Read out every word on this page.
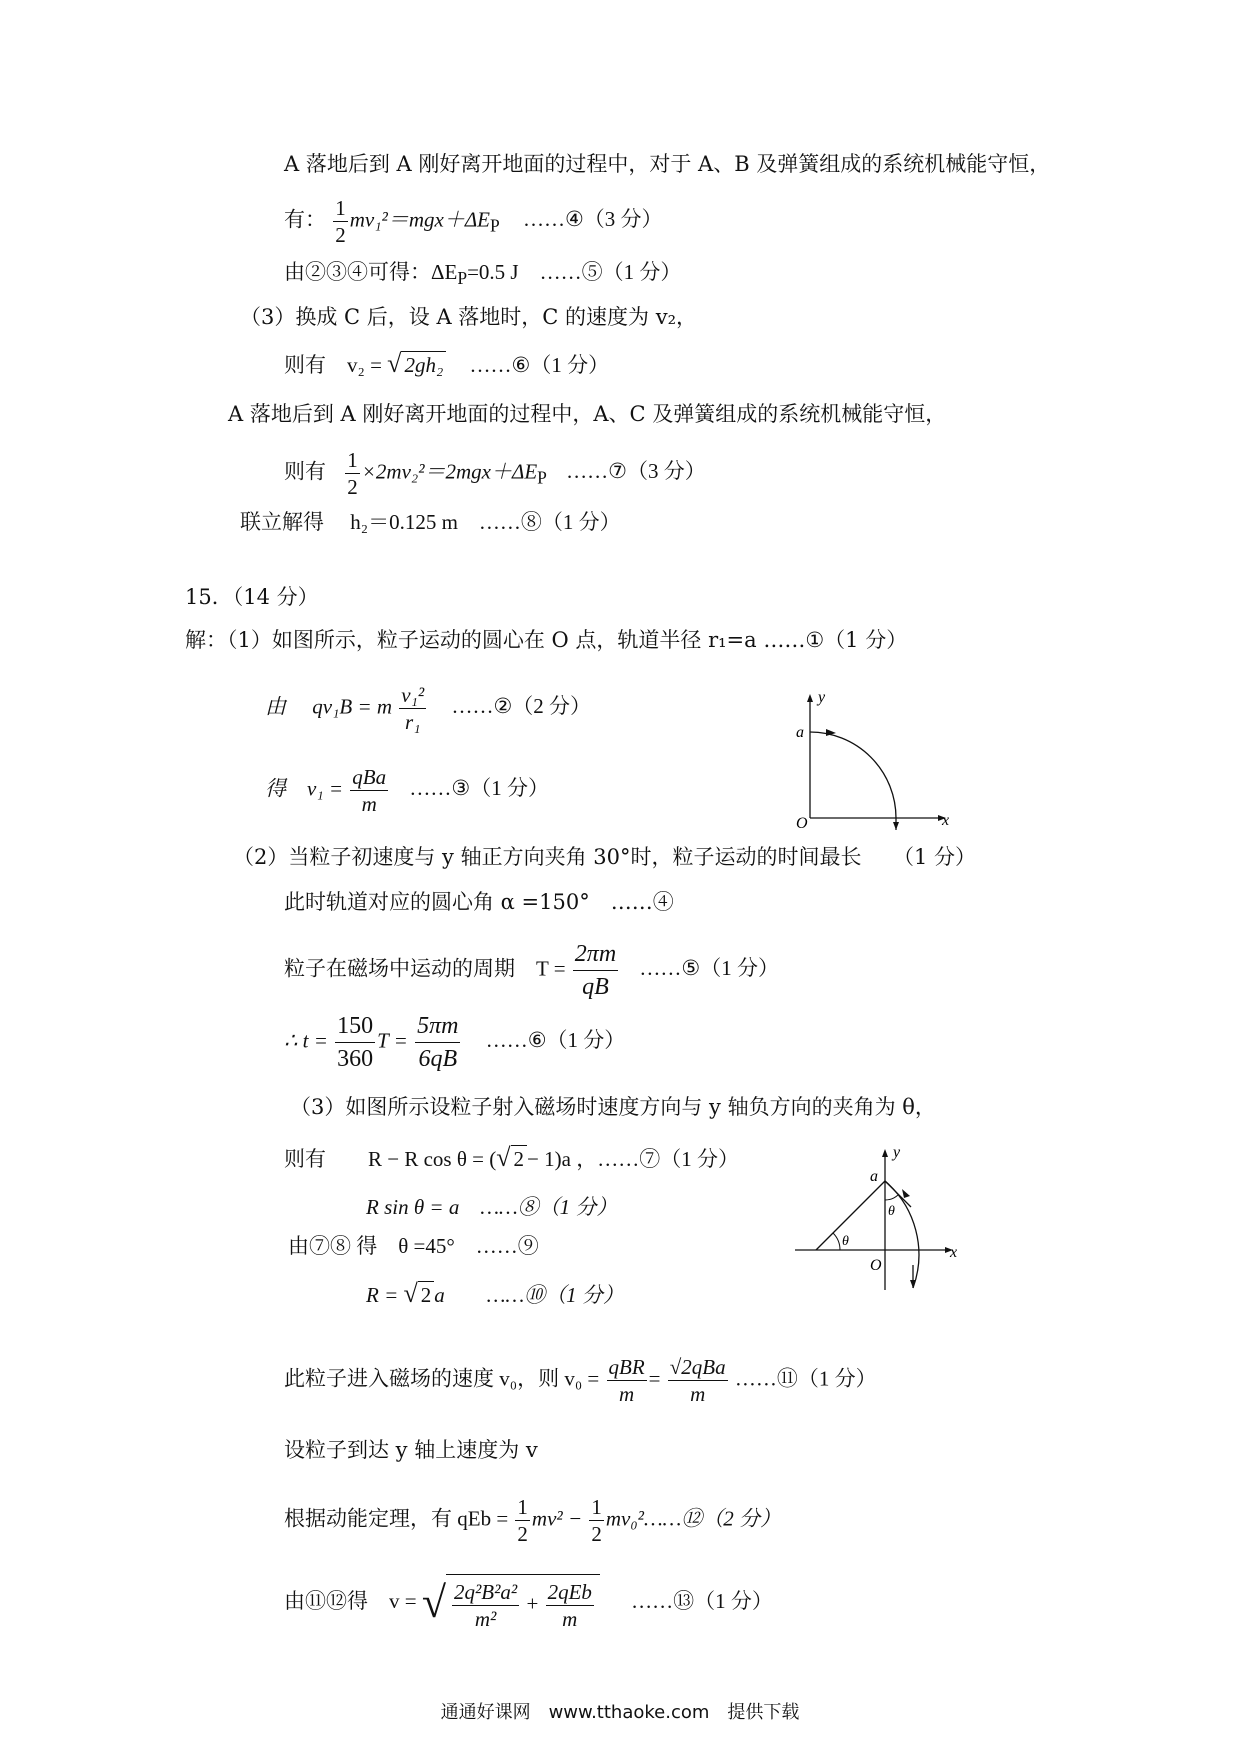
A 落地后到 A 刚好离开地面的过程中，对于 A、B 及弹簧组成的系统机械能守恒，
有： $\frac{1}{2} mv_1^2=mgx+\Delta E_P$ ……④（3 分）
由②③④可得：$\Delta E_P=0.5$ J　……⑤（1 分）
（3）换成 C 后，设 A 落地时，C 的速度为 v₂，
则有　v₂ = √ 2gh₂ ……⑥（1 分）
A 落地后到 A 刚好离开地面的过程中，A、C 及弹簧组成的系统机械能守恒，
则有 $\frac{1}{2} \times 2mv_2^2=2mgx+\Delta E_P$ ……⑦（3 分）
联立解得　 h₂＝0.125 m　……⑧（1 分）
15．（14 分）
解：（1）如图所示，粒子运动的圆心在 O 点，轨道半径 r₁=a ……①（1 分）
由　 qv₁B = m $\frac{\text{v₁²}}{\text{r₁}}$ ……②（2 分）	y
x
a
O
得　$v_1 = \frac{\text{qBa}}{m}$ ……③（1 分）
（2）当粒子初速度与 y 轴正方向夹角 30°时，粒子运动的时间最长　　（1 分）
此时轨道对应的圆心角 α =150°　……④
粒子在磁场中运动的周期　$T = \frac{2\pi m}{qB}$ ……⑤（1 分）
∴ $t = \frac{150}{360}$ $T = \frac{5\pi m}{6qB}$ ……⑥（1 分）
（3）如图所示设粒子射入磁场时速度方向与 y 轴负方向的夹角为 θ，
则有　　R − R cos θ = (√ 2 − 1)a ，……⑦（1 分）
R sin θ = a　……⑧（1 分）
y
x
a
O
θ
θ
由⑦⑧ 得　θ =45°　……⑨
R = √ 2 a　　……⑩（1 分）
此粒子进入磁场的速度 v₀，则 $v_0 = \frac{\text{qBR}}{m} = \frac{\text{√2qBa}}{m}$ ……⑪（1 分）
设粒子到达 y 轴上速度为 v
根据动能定理，有 qEb = $\frac{1}{2} mv^2 - \frac{1}{2}$ mv₀²……⑫（2 分）
由⑪⑫得　v = √ $\frac{\text{2q²B²a²}}{\text{m²}} + \frac{\text{2qEb}}{m}$ ……⑬（1 分）
通通好课网　www.tthaoke.com　提供下载
